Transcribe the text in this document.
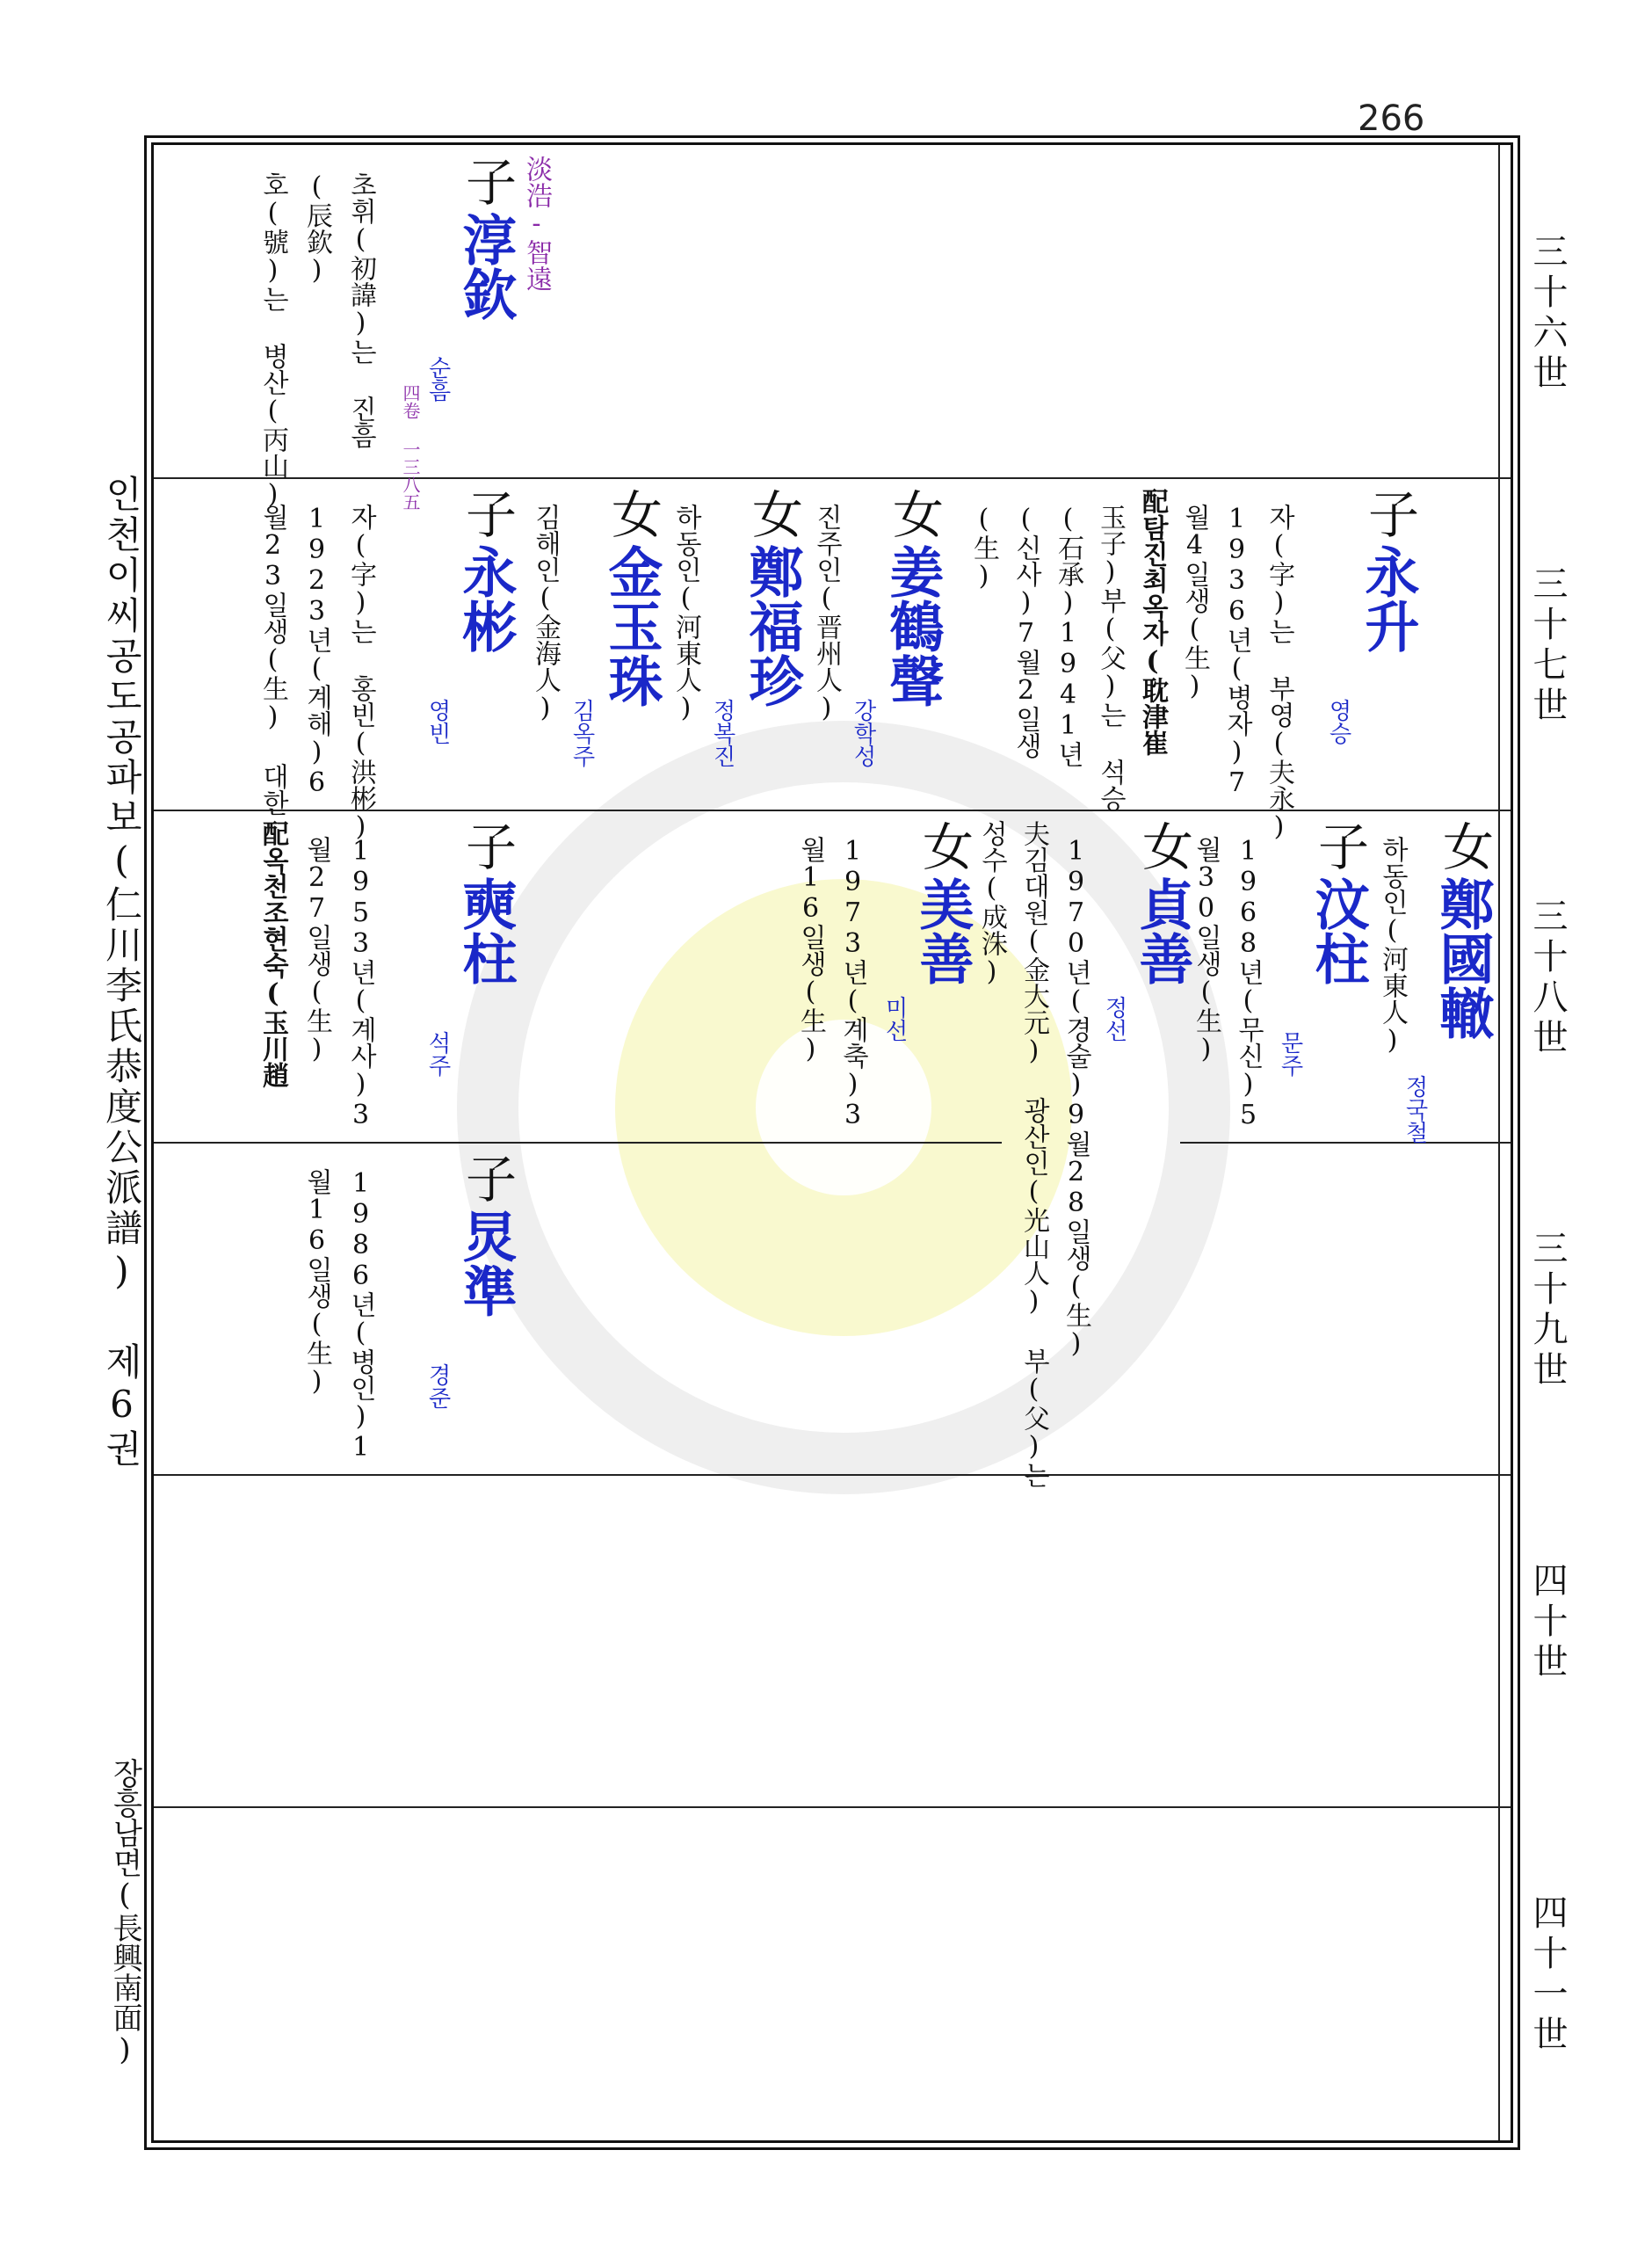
266
인천이씨공도공파보(仁川李氏恭度公派譜) 제6권
장흥남면(長興南面)
三十六世
三十七世
三十八世
三十九世
四十世
四十一世
淡浩-智遠
子
淳欽
순흠
四卷 一三八五
초휘(初諱)는 진흠
(辰欽)
호(號)는 병산(丙山)
子
永升
영승
자(字)는 부영(夫永)
1936년(병자)7
월4일생(生)
配탐진최옥자(耽津崔
玉子)부(父)는 석승
(石承)1941년
(신사)7월2일생
(生)
女
姜鶴聲
강학성
진주인(晋州人)
女
鄭福珍
정복진
하동인(河東人)
女
金玉珠
김옥주
김해인(金海人)
子
永彬
영빈
자(字)는 홍빈(洪彬)
1923년(계해)6
월23일생(生) 대한
女
鄭國轍
정국철
하동인(河東人)
子
汶柱
문주
1968년(무신)5
월30일생(生)
女
貞善
정선
1970년(경술)9월28일생(生)
夫김대원(金大元) 광산인(光山人) 부(父)는
성수(成洙)
女
美善
미선
1973년(계축)3
월16일생(生)
子
奭柱
석주
1953년(계사)3
월27일생(生)
配옥천조현숙(玉川趙
子
炅準
경준
1986년(병인)1
월16일생(生)
